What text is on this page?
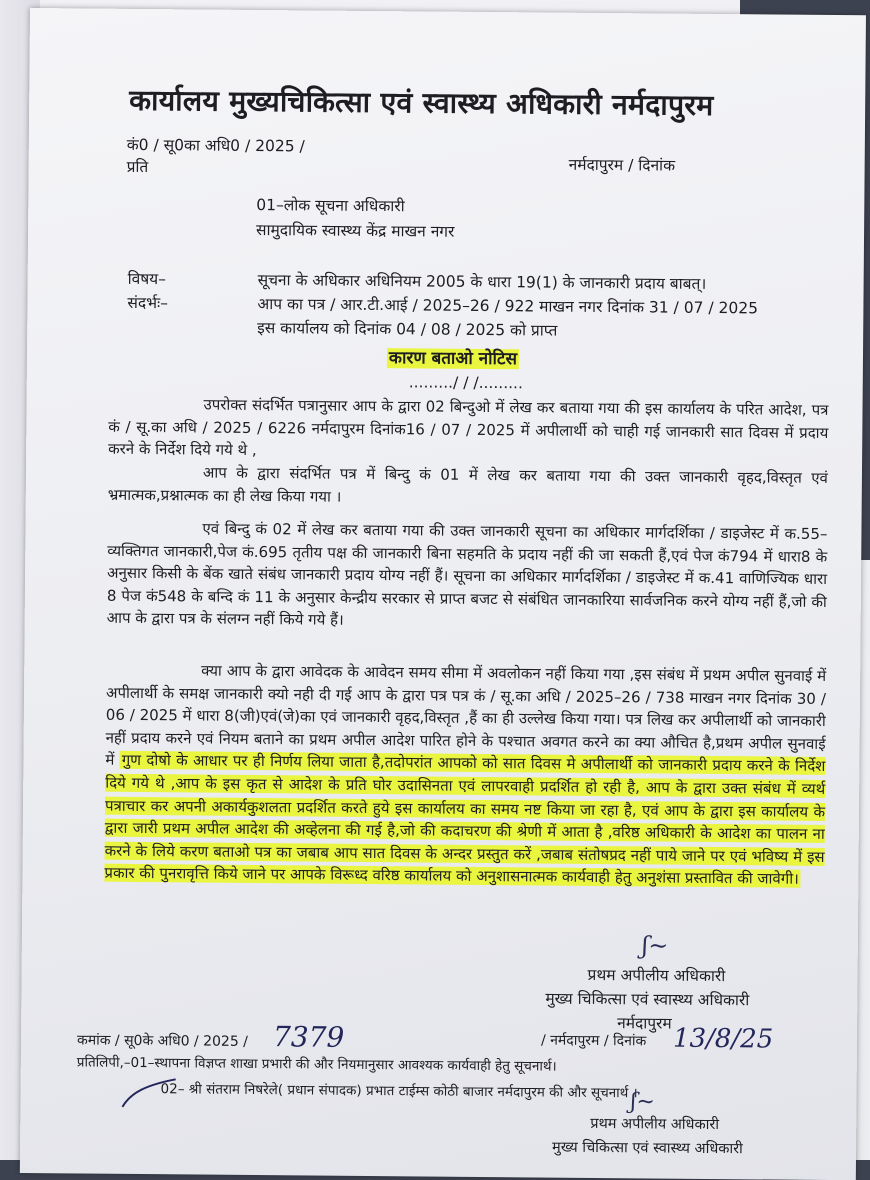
कार्यालय मुख्यचिकित्सा एवं स्वास्थ्य अधिकारी नर्मदापुरम
कं0 / सू0का अधि0 / 2025 /
प्रति	नर्मदापुरम / दिनांक
01–लोक सूचना अधिकारी
सामुदायिक स्वास्थ्य केंद्र माखन नगर
विषय–	सूचना के अधिकार अधिनियम 2005 के धारा 19(1) के जानकारी प्रदाय बाबत्।
संदर्भः–	आप का पत्र / आर.टी.आई / 2025–26 / 922 माखन नगर दिनांक 31 / 07 / 2025
इस कार्यालय को दिनांक 04 / 08 / 2025 को प्राप्त
कारण बताओ नोटिस
........./ / /.........
उपरोक्त संदर्भित पत्रानुसार आप के द्वारा 02 बिन्दुओ में लेख कर बताया गया की इस कार्यालय के परित आदेश, पत्र कं / सू.का अधि / 2025 / 6226 नर्मदापुरम दिनांक16 / 07 / 2025 में अपीलार्थी को चाही गई जानकारी सात दिवस में प्रदाय करने के निर्देश दिये गये थे ,
आप के द्वारा संदर्भित पत्र में बिन्दु कं 01 में लेख कर बताया गया की उक्त जानकारी वृहद,विस्तृत एवं भ्रमात्मक,प्रश्नात्मक का ही लेख किया गया ।
एवं बिन्दु कं 02 में लेख कर बताया गया की उक्त जानकारी सूचना का अधिकार मार्गदर्शिका / डाइजेस्ट में क.55–व्यक्तिगत जानकारी,पेज कं.695 तृतीय पक्ष की जानकारी बिना सहमति के प्रदाय नहीं की जा सकती हैं,एवं पेज कं794 में धारा8 के अनुसार किसी के बेंक खाते संबंध जानकारी प्रदाय योग्य नहीं हैं। सूचना का अधिकार मार्गदर्शिका / डाइजेस्ट में क.41 वाणिज्यिक धारा 8 पेज कं548 के बन्दि कं 11 के अनुसार केन्द्रीय सरकार से प्राप्त बजट से संबंधित जानकारिया सार्वजनिक करने योग्य नहीं हैं,जो की आप के द्वारा पत्र के संलग्न नहीं किये गये हैं।
क्या आप के द्वारा आवेदक के आवेदन समय सीमा में अवलोकन नहीं किया गया ,इस संबंध में प्रथम अपील सुनवाई में अपीलार्थी के समक्ष जानकारी क्यो नही दी गई आप के द्वारा पत्र पत्र कं / सू.का अधि / 2025–26 / 738 माखन नगर दिनांक 30 / 06 / 2025 में धारा 8(जी)एवं(जे)का एवं जानकारी वृहद,विस्तृत ,हैं का ही उल्लेख किया गया। पत्र लिख कर अपीलार्थी को जानकारी नहीं प्रदाय करने एवं नियम बताने का प्रथम अपील आदेश पारित होने के पश्चात अवगत करने का क्या औचित है,प्रथम अपील सुनवाई में गुण दोषो के आधार पर ही निर्णय लिया जाता है,तदोपरांत आपको को सात दिवस मे अपीलार्थी को जानकारी प्रदाय करने के निर्देश दिये गये थे ,आप के इस कृत से आदेश के प्रति घोर उदासिनता एवं लापरवाही प्रदर्शित हो रही है, आप के द्वारा उक्त संबंध में व्यर्थ पत्राचार कर अपनी अकार्यकुशलता प्रदर्शित करते हुये इस कार्यालय का समय नष्ट किया जा रहा है, एवं आप के द्वारा इस कार्यालय के द्वारा जारी प्रथम अपील आदेश की अव्हेलना की गई है,जो की कदाचरण की श्रेणी में आता है ,वरिष्ठ अधिकारी के आदेश का पालन ना करने के लिये करण बताओ पत्र का जबाब आप सात दिवस के अन्दर प्रस्तुत करें ,जबाब संतोषप्रद नहीं पाये जाने पर एवं भविष्य में इस प्रकार की पुनरावृत्ति किये जाने पर आपके विरूध्द वरिष्ठ कार्यालय को अनुशासनात्मक कार्यवाही हेतु अनुशंसा प्रस्तावित की जावेगी।
ʃ~
प्रथम अपीलीय अधिकारी
मुख्य चिकित्सा एवं स्वास्थ्य अधिकारी
नर्मदापुरम
कमांक / सू0के अधि0 / 2025 / 7379	/ नर्मदापुरम / दिनांक 13/8/25
प्रतिलिपी,–01–स्थापना विज्ञप्त शाखा प्रभारी की और नियमानुसार आवश्यक कार्यवाही हेतु सूचनार्थ।
02– श्री संतराम निषरेले( प्रधान संपादक) प्रभात टाईम्स कोठी बाजार नर्मदापुरम की और सूचनार्थ ।
ʃ~
प्रथम अपीलीय अधिकारी
मुख्य चिकित्सा एवं स्वास्थ्य अधिकारी
